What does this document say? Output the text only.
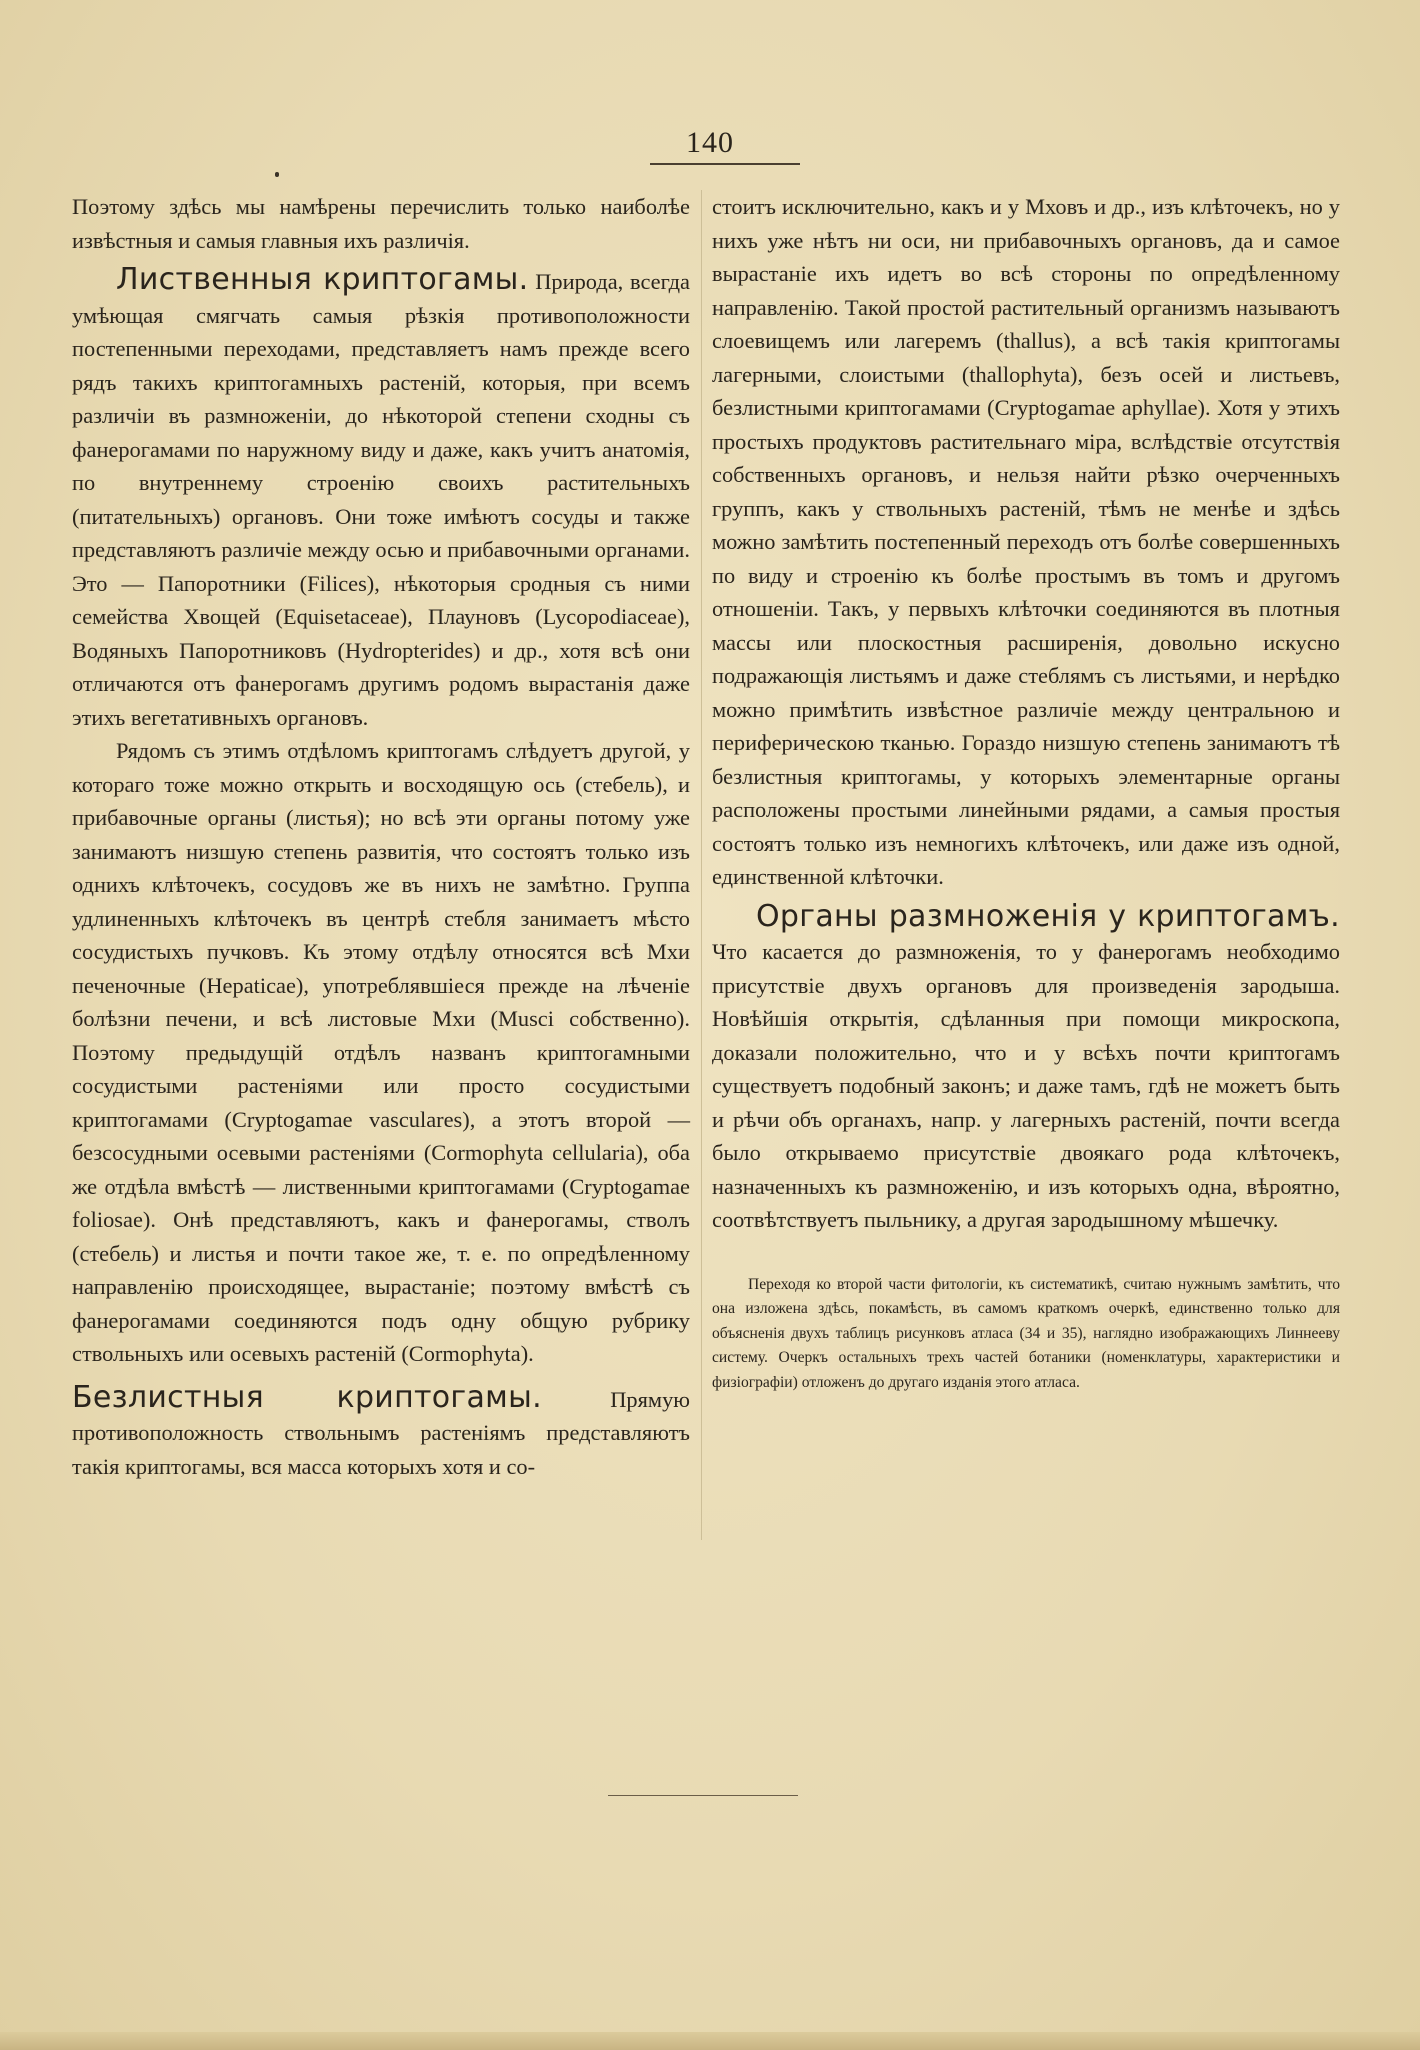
140

Поэтому здѣсь мы намѣрены перечислить только наиболѣе извѣстныя и самыя главныя ихъ различія.

Лиственныя криптогамы. Природа, всегда умѣющая смягчать самыя рѣзкія противоположности постепенными переходами, представляетъ намъ прежде всего рядъ такихъ криптогамныхъ растеній, которыя, при всемъ различіи въ размноженіи, до нѣкоторой степени сходны съ фанерогамами по наружному виду и даже, какъ учитъ анатомія, по внутреннему строенію своихъ растительныхъ (питательныхъ) органовъ. Они тоже имѣютъ сосуды и также представляютъ различіе между осью и прибавочными органами. Это — Папоротники (Filices), нѣкоторыя сродныя съ ними семейства Хвощей (Equisetaceae), Плауновъ (Lycopodiaceae), Водяныхъ Папоротниковъ (Hydropterides) и др., хотя всѣ они отличаются отъ фанерогамъ другимъ родомъ вырастанія даже этихъ вегетативныхъ органовъ.

Рядомъ съ этимъ отдѣломъ криптогамъ слѣдуетъ другой, у котораго тоже можно открыть и восходящую ось (стебель), и прибавочные органы (листья); но всѣ эти органы потому уже занимаютъ низшую степень развитія, что состоятъ только изъ однихъ клѣточекъ, сосудовъ же въ нихъ не замѣтно. Группа удлиненныхъ клѣточекъ въ центрѣ стебля занимаетъ мѣсто сосудистыхъ пучковъ. Къ этому отдѣлу относятся всѣ Мхи печеночные (Hepaticae), употреблявшіеся прежде на лѣченіе болѣзни печени, и всѣ листовые Мхи (Musci собственно). Поэтому предыдущій отдѣлъ названъ криптогамными сосудистыми растеніями или просто сосудистыми криптогамами (Cryptogamae vasculares), а этотъ второй — безсосудными осевыми растеніями (Cormophyta cellularia), оба же отдѣла вмѣстѣ — лиственными криптогамами (Cryptogamae foliosae). Онѣ представляютъ, какъ и фанерогамы, стволъ (стебель) и листья и почти такое же, т. е. по опредѣленному направленію происходящее, вырастаніе; поэтому вмѣстѣ съ фанерогамами соединяются подъ одну общую рубрику ствольныхъ или осевыхъ растеній (Cormophyta).

Безлистныя криптогамы. Прямую противоположность ствольнымъ растеніямъ представляютъ такія криптогамы, вся масса которыхъ хотя и со-

стоитъ исключительно, какъ и у Мховъ и др., изъ клѣточекъ, но у нихъ уже нѣтъ ни оси, ни прибавочныхъ органовъ, да и самое вырастаніе ихъ идетъ во всѣ стороны по опредѣленному направленію. Такой простой растительный организмъ называютъ слоевищемъ или лагеремъ (thallus), а всѣ такія криптогамы лагерными, слоистыми (thallophyta), безъ осей и листьевъ, безлистными криптогамами (Cryptogamae aphyllae). Хотя у этихъ простыхъ продуктовъ растительнаго міра, вслѣдствіе отсутствія собственныхъ органовъ, и нельзя найти рѣзко очерченныхъ группъ, какъ у ствольныхъ растеній, тѣмъ не менѣе и здѣсь можно замѣтить постепенный переходъ отъ болѣе совершенныхъ по виду и строенію къ болѣе простымъ въ томъ и другомъ отношеніи. Такъ, у первыхъ клѣточки соединяются въ плотныя массы или плоскостныя расширенія, довольно искусно подражающія листьямъ и даже стеблямъ съ листьями, и нерѣдко можно примѣтить извѣстное различіе между центральною и периферическою тканью. Гораздо низшую степень занимаютъ тѣ безлистныя криптогамы, у которыхъ элементарные органы расположены простыми линейными рядами, а самыя простыя состоятъ только изъ немногихъ клѣточекъ, или даже изъ одной, единственной клѣточки.

Органы размноженія у криптогамъ. Что касается до размноженія, то у фанерогамъ необходимо присутствіе двухъ органовъ для произведенія зародыша. Новѣйшія открытія, сдѣланныя при помощи микроскопа, доказали положительно, что и у всѣхъ почти криптогамъ существуетъ подобный законъ; и даже тамъ, гдѣ не можетъ быть и рѣчи объ органахъ, напр. у лагерныхъ растеній, почти всегда было открываемо присутствіе двоякаго рода клѣточекъ, назначенныхъ къ размноженію, и изъ которыхъ одна, вѣроятно, соотвѣтствуетъ пыльнику, а другая зародышному мѣшечку.

Переходя ко второй части фитологіи, къ систематикѣ, считаю нужнымъ замѣтить, что она изложена здѣсь, покамѣсть, въ самомъ краткомъ очеркѣ, единственно только для объясненія двухъ таблицъ рисунковъ атласа (34 и 35), наглядно изображающихъ Линнееву систему. Очеркъ остальныхъ трехъ частей ботаники (номенклатуры, характеристики и физіографіи) отложенъ до другаго изданія этого атласа.
